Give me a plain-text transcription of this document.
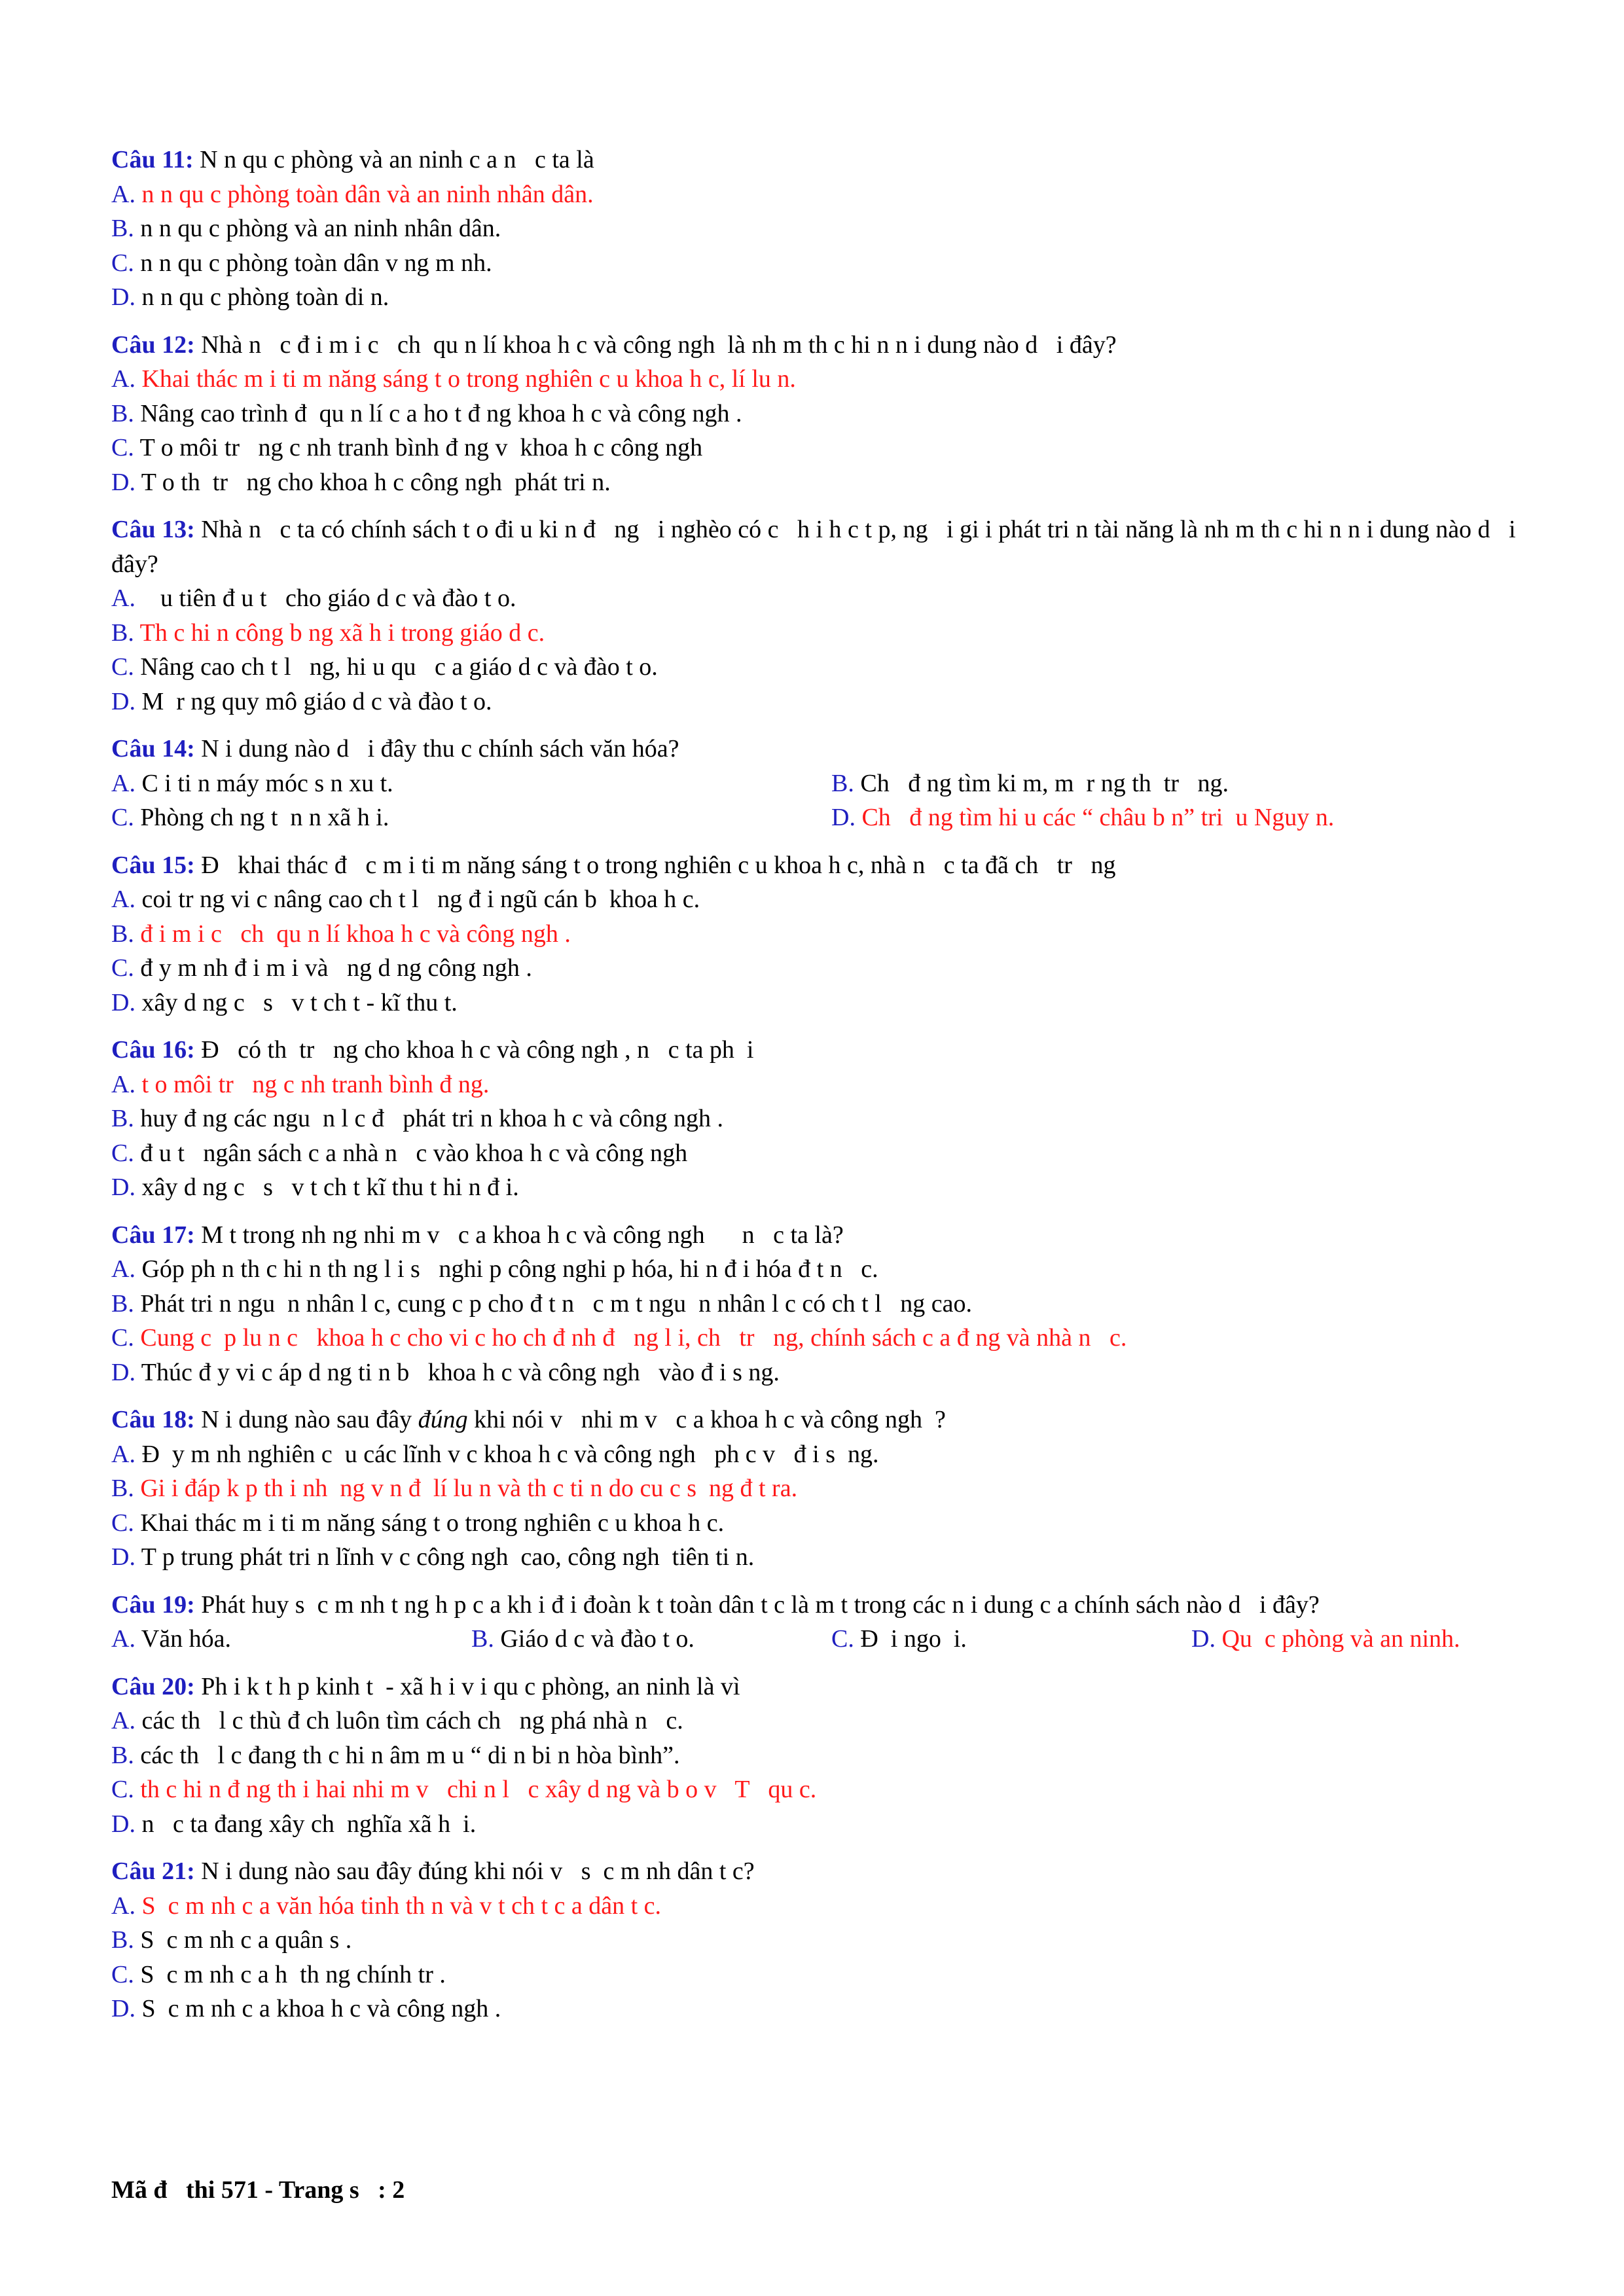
Câu 11: N n qu c phòng và an ninh c a n   c ta là
A. n n qu c phòng toàn dân và an ninh nhân dân.
B. n n qu c phòng và an ninh nhân dân.
C. n n qu c phòng toàn dân v ng m nh.
D. n n qu c phòng toàn di n.
Câu 12: Nhà n   c đ i m i c   ch  qu n lí khoa h c và công ngh  là nh m th c hi n n i dung nào d   i đây?
A. Khai thác m i ti m năng sáng t o trong nghiên c u khoa h c, lí lu n.
B. Nâng cao trình đ  qu n lí c a ho t đ ng khoa h c và công ngh .
C. T o môi tr   ng c nh tranh bình đ ng v  khoa h c công ngh
D. T o th  tr   ng cho khoa h c công ngh  phát tri n.
Câu 13: Nhà n   c ta có chính sách t o đi u ki n đ   ng   i nghèo có c   h i h c t p, ng   i gi i phát tri n tài năng là nh m th c hi n n i dung nào d   i đây?
A.    u tiên đ u t   cho giáo d c và đào t o.
B. Th c hi n công b ng xã h i trong giáo d c.
C. Nâng cao ch t l   ng, hi u qu   c a giáo d c và đào t o.
D. M  r ng quy mô giáo d c và đào t o.
Câu 14: N i dung nào d   i đây thu c chính sách văn hóa?
A. C i ti n máy móc s n xu t.	B. Ch   đ ng tìm ki m, m  r ng th  tr   ng.
C. Phòng ch ng t  n n xã h i.	D. Ch   đ ng tìm hi u các “ châu b n” tri  u Nguy n.
Câu 15: Đ   khai thác đ   c m i ti m năng sáng t o trong nghiên c u khoa h c, nhà n   c ta đã ch   tr   ng
A. coi tr ng vi c nâng cao ch t l   ng đ i ngũ cán b  khoa h c.
B. đ i m i c   ch  qu n lí khoa h c và công ngh .
C. đ y m nh đ i m i và   ng d ng công ngh .
D. xây d ng c   s   v t ch t - kĩ thu t.
Câu 16: Đ   có th  tr   ng cho khoa h c và công ngh , n   c ta ph  i
A. t o môi tr   ng c nh tranh bình đ ng.
B. huy đ ng các ngu  n l c đ   phát tri n khoa h c và công ngh .
C. đ u t   ngân sách c a nhà n   c vào khoa h c và công ngh
D. xây d ng c   s   v t ch t kĩ thu t hi n đ i.
Câu 17: M t trong nh ng nhi m v   c a khoa h c và công ngh      n   c ta là?
A. Góp ph n th c hi n th ng l i s   nghi p công nghi p hóa, hi n đ i hóa đ t n   c.
B. Phát tri n ngu  n nhân l c, cung c p cho đ t n   c m t ngu  n nhân l c có ch t l   ng cao.
C. Cung c  p lu n c   khoa h c cho vi c ho ch đ nh đ   ng l i, ch   tr   ng, chính sách c a đ ng và nhà n   c.
D. Thúc đ y vi c áp d ng ti n b   khoa h c và công ngh   vào đ i s ng.
Câu 18: N i dung nào sau đây đúng khi nói v   nhi m v   c a khoa h c và công ngh  ?
A. Đ  y m nh nghiên c  u các lĩnh v c khoa h c và công ngh   ph c v   đ i s  ng.
B. Gi i đáp k p th i nh  ng v n đ  lí lu n và th c ti n do cu c s  ng đ t ra.
C. Khai thác m i ti m năng sáng t o trong nghiên c u khoa h c.
D. T p trung phát tri n lĩnh v c công ngh  cao, công ngh  tiên ti n.
Câu 19: Phát huy s  c m nh t ng h p c a kh i đ i đoàn k t toàn dân t c là m t trong các n i dung c a chính sách nào d   i đây?
A. Văn hóa.	B. Giáo d c và đào t o.	C. Đ  i ngo  i.	D. Qu  c phòng và an ninh.
Câu 20: Ph i k t h p kinh t  - xã h i v i qu c phòng, an ninh là vì
A. các th   l c thù đ ch luôn tìm cách ch   ng phá nhà n   c.
B. các th   l c đang th c hi n âm m u “ di n bi n hòa bình”.
C. th c hi n đ ng th i hai nhi m v   chi n l   c xây d ng và b o v   T   qu c.
D. n   c ta đang xây ch  nghĩa xã h  i.
Câu 21: N i dung nào sau đây đúng khi nói v   s  c m nh dân t c?
A. S  c m nh c a văn hóa tinh th n và v t ch t c a dân t c.
B. S  c m nh c a quân s .
C. S  c m nh c a h  th ng chính tr .
D. S  c m nh c a khoa h c và công ngh .
Mã đ   thi 571 - Trang s   : 2
